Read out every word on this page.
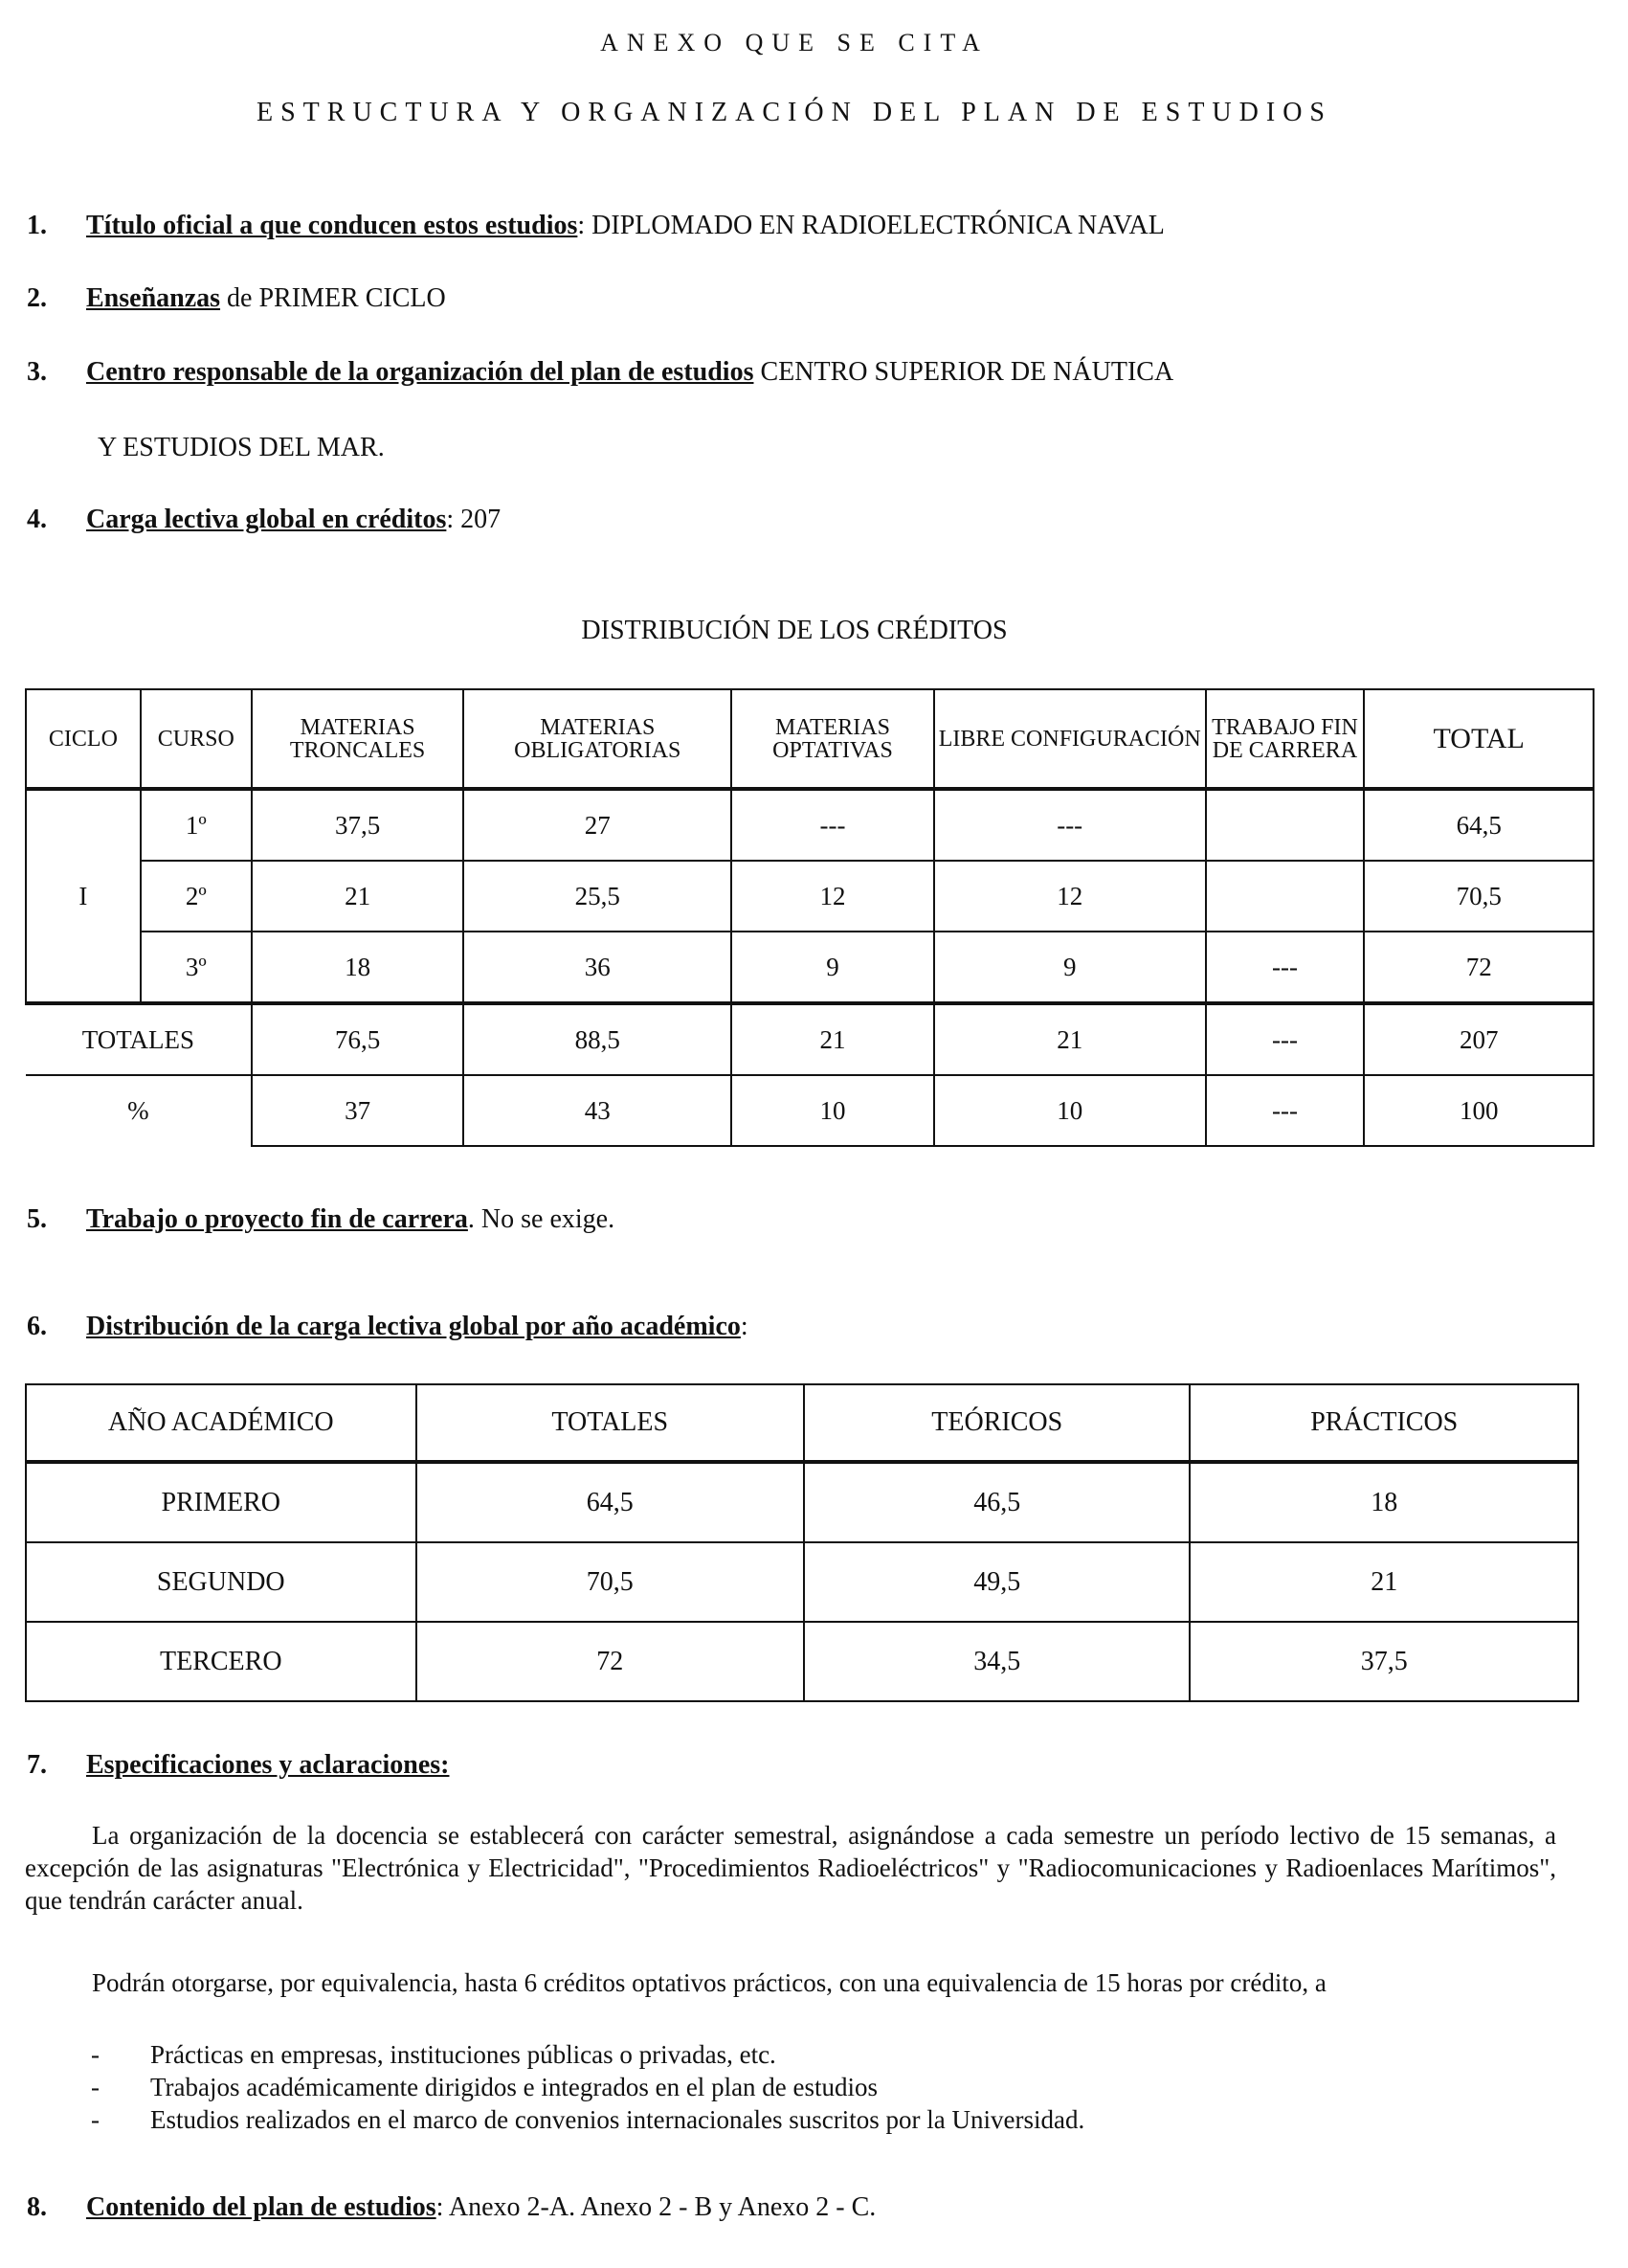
ANEXO QUE SE CITA
ESTRUCTURA Y ORGANIZACIÓN DEL PLAN DE ESTUDIOS
1. Título oficial a que conducen estos estudios: DIPLOMADO EN RADIOELECTRÓNICA NAVAL
2. Enseñanzas de PRIMER CICLO
3. Centro responsable de la organización del plan de estudios CENTRO SUPERIOR DE NÁUTICA
Y ESTUDIOS DEL MAR.
4. Carga lectiva global en créditos: 207
DISTRIBUCIÓN DE LOS CRÉDITOS
CICLO	CURSO	MATERIAS TRONCALES	MATERIAS OBLIGATORIAS	MATERIAS OPTATIVAS	LIBRE CONFIGURACIÓN	TRABAJO FIN DE CARRERA	TOTAL
I	1º	37,5	27	---	---		64,5
	2º	21	25,5	12	12		70,5
	3º	18	36	9	9	---	72
TOTALES		76,5	88,5	21	21	---	207
%		37	43	10	10	---	100
5. Trabajo o proyecto fin de carrera. No se exige.
6. Distribución de la carga lectiva global por año académico:
AÑO ACADÉMICO	TOTALES	TEÓRICOS	PRÁCTICOS
PRIMERO	64,5	46,5	18
SEGUNDO	70,5	49,5	21
TERCERO	72	34,5	37,5
7. Especificaciones y aclaraciones:
La organización de la docencia se establecerá con carácter semestral, asignándose a cada semestre un período lectivo de 15 semanas, a excepción de las asignaturas "Electrónica y Electricidad", "Procedimientos Radioeléctricos" y "Radiocomunicaciones y Radioenlaces Marítimos", que tendrán carácter anual.
Podrán otorgarse, por equivalencia, hasta 6 créditos optativos prácticos, con una equivalencia de 15 horas por crédito, a
- Prácticas en empresas, instituciones públicas o privadas, etc.
- Trabajos académicamente dirigidos e integrados en el plan de estudios
- Estudios realizados en el marco de convenios internacionales suscritos por la Universidad.
8. Contenido del plan de estudios: Anexo 2-A. Anexo 2 - B y Anexo 2 - C.
